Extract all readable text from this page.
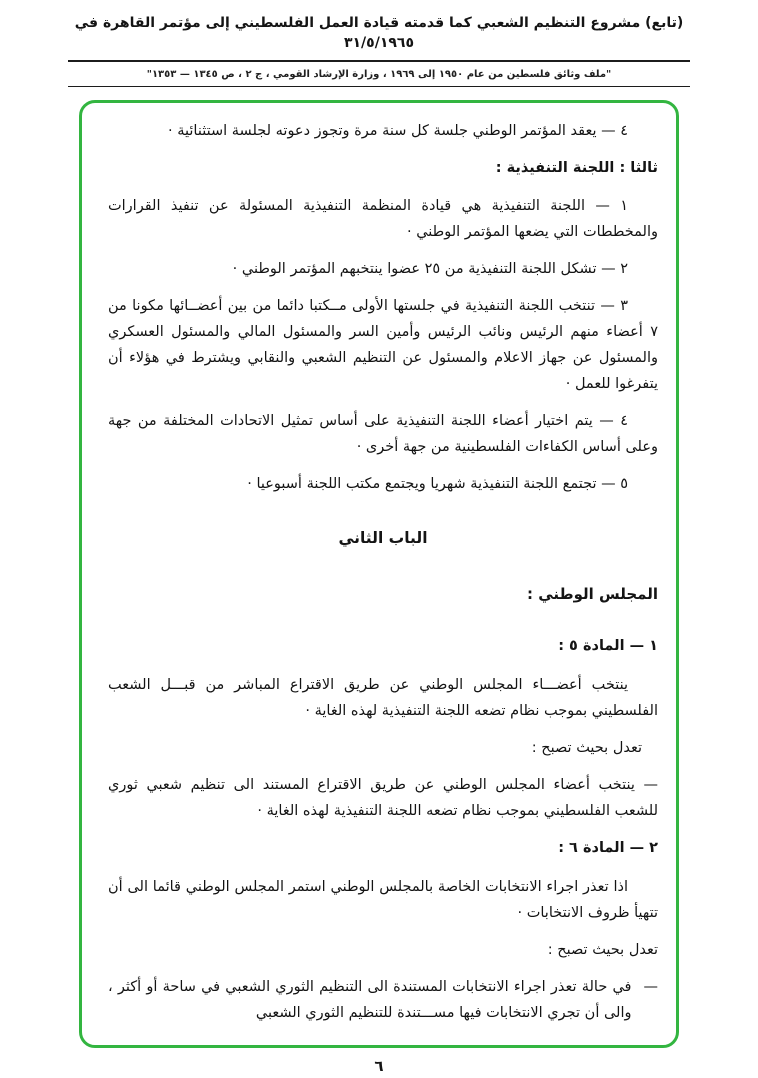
(تابع) مشروع التنظيم الشعبي كما قدمته قيادة العمل الفلسطيني إلى مؤتمر القاهرة في ٣١/٥/١٩٦٥
"ملف وثائق فلسطين من عام ١٩٥٠ إلى ١٩٦٩ ، وزارة الإرشاد القومي ، ج ٢ ، ص ١٣٤٥ — ١٣٥٣"

٤ — يعقد المؤتمر الوطني جلسة كل سنة مرة وتجوز دعوته لجلسة استثنائية ·

ثالثا : اللجنة التنفيذية :

١ — اللجنة التنفيذية هي قيادة المنظمة التنفيذية المسئولة عن تنفيذ القرارات والمخططات التي يضعها المؤتمر الوطني ·

٢ — تشكل اللجنة التنفيذية من ٢٥ عضوا ينتخبهم المؤتمر الوطني ·

٣ — تنتخب اللجنة التنفيذية في جلستها الأولى مــكتبا دائما من بين أعضــائها مكونا من ٧ أعضاء منهم الرئيس ونائب الرئيس وأمين السر والمسئول المالي والمسئول العسكري والمسئول عن جهاز الاعلام والمسئول عن التنظيم الشعبي والنقابي ويشترط في هؤلاء أن يتفرغوا للعمل ·

٤ — يتم اختيار أعضاء اللجنة التنفيذية على أساس تمثيل الاتحادات المختلفة من جهة وعلى أساس الكفاءات الفلسطينية من جهة أخرى ·

٥ — تجتمع اللجنة التنفيذية شهريا ويجتمع مكتب اللجنة أسبوعيا ·

الباب الثاني
المجلس الوطني :
١ — المادة ٥ :

ينتخب أعضـــاء المجلس الوطني عن طريق الاقتراع المباشر من قبـــل الشعب الفلسطيني بموجب نظام تضعه اللجنة التنفيذية لهذه الغاية ·

تعدل بحيث تصبح :

— ينتخب أعضاء المجلس الوطني عن طريق الاقتراع المستند الى تنظيم شعبي ثوري للشعب الفلسطيني بموجب نظام تضعه اللجنة التنفيذية لهذه الغاية ·

٢ — المادة ٦ :

اذا تعذر اجراء الانتخابات الخاصة بالمجلس الوطني استمر المجلس الوطني قائما الى أن تتهيأ ظروف الانتخابات ·

تعدل بحيث تصبح :

—

في حالة تعذر اجراء الانتخابات المستندة الى التنظيم الثوري الشعبي في ساحة أو أكثر ، والى أن تجري الانتخابات فيها مســـتندة للتنظيم الثوري الشعبي

٦
